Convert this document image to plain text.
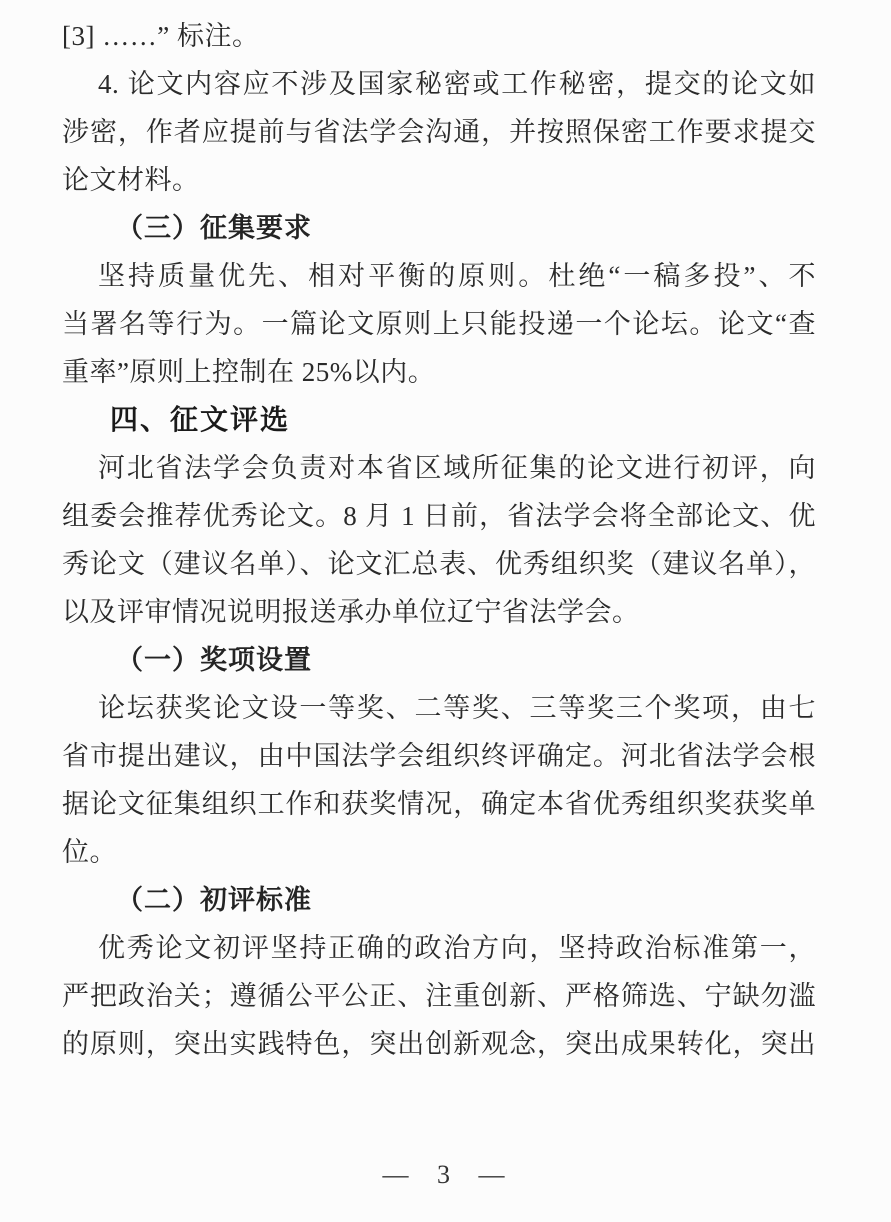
[3] ……” 标注。

4. 论文内容应不涉及国家秘密或工作秘密，提交的论文如

涉密，作者应提前与省法学会沟通，并按照保密工作要求提交

论文材料。

（三）征集要求

坚持质量优先、相对平衡的原则。杜绝“一稿多投”、不

当署名等行为。一篇论文原则上只能投递一个论坛。论文“查

重率”原则上控制在 25%以内。

四、征文评选

河北省法学会负责对本省区域所征集的论文进行初评，向

组委会推荐优秀论文。8 月 1 日前，省法学会将全部论文、优

秀论文（建议名单）、论文汇总表、优秀组织奖（建议名单），

以及评审情况说明报送承办单位辽宁省法学会。

（一）奖项设置

论坛获奖论文设一等奖、二等奖、三等奖三个奖项，由七

省市提出建议，由中国法学会组织终评确定。河北省法学会根

据论文征集组织工作和获奖情况，确定本省优秀组织奖获奖单

位。

（二）初评标准

优秀论文初评坚持正确的政治方向，坚持政治标准第一，

严把政治关；遵循公平公正、注重创新、严格筛选、宁缺勿滥

的原则，突出实践特色，突出创新观念，突出成果转化，突出

— 3 —
